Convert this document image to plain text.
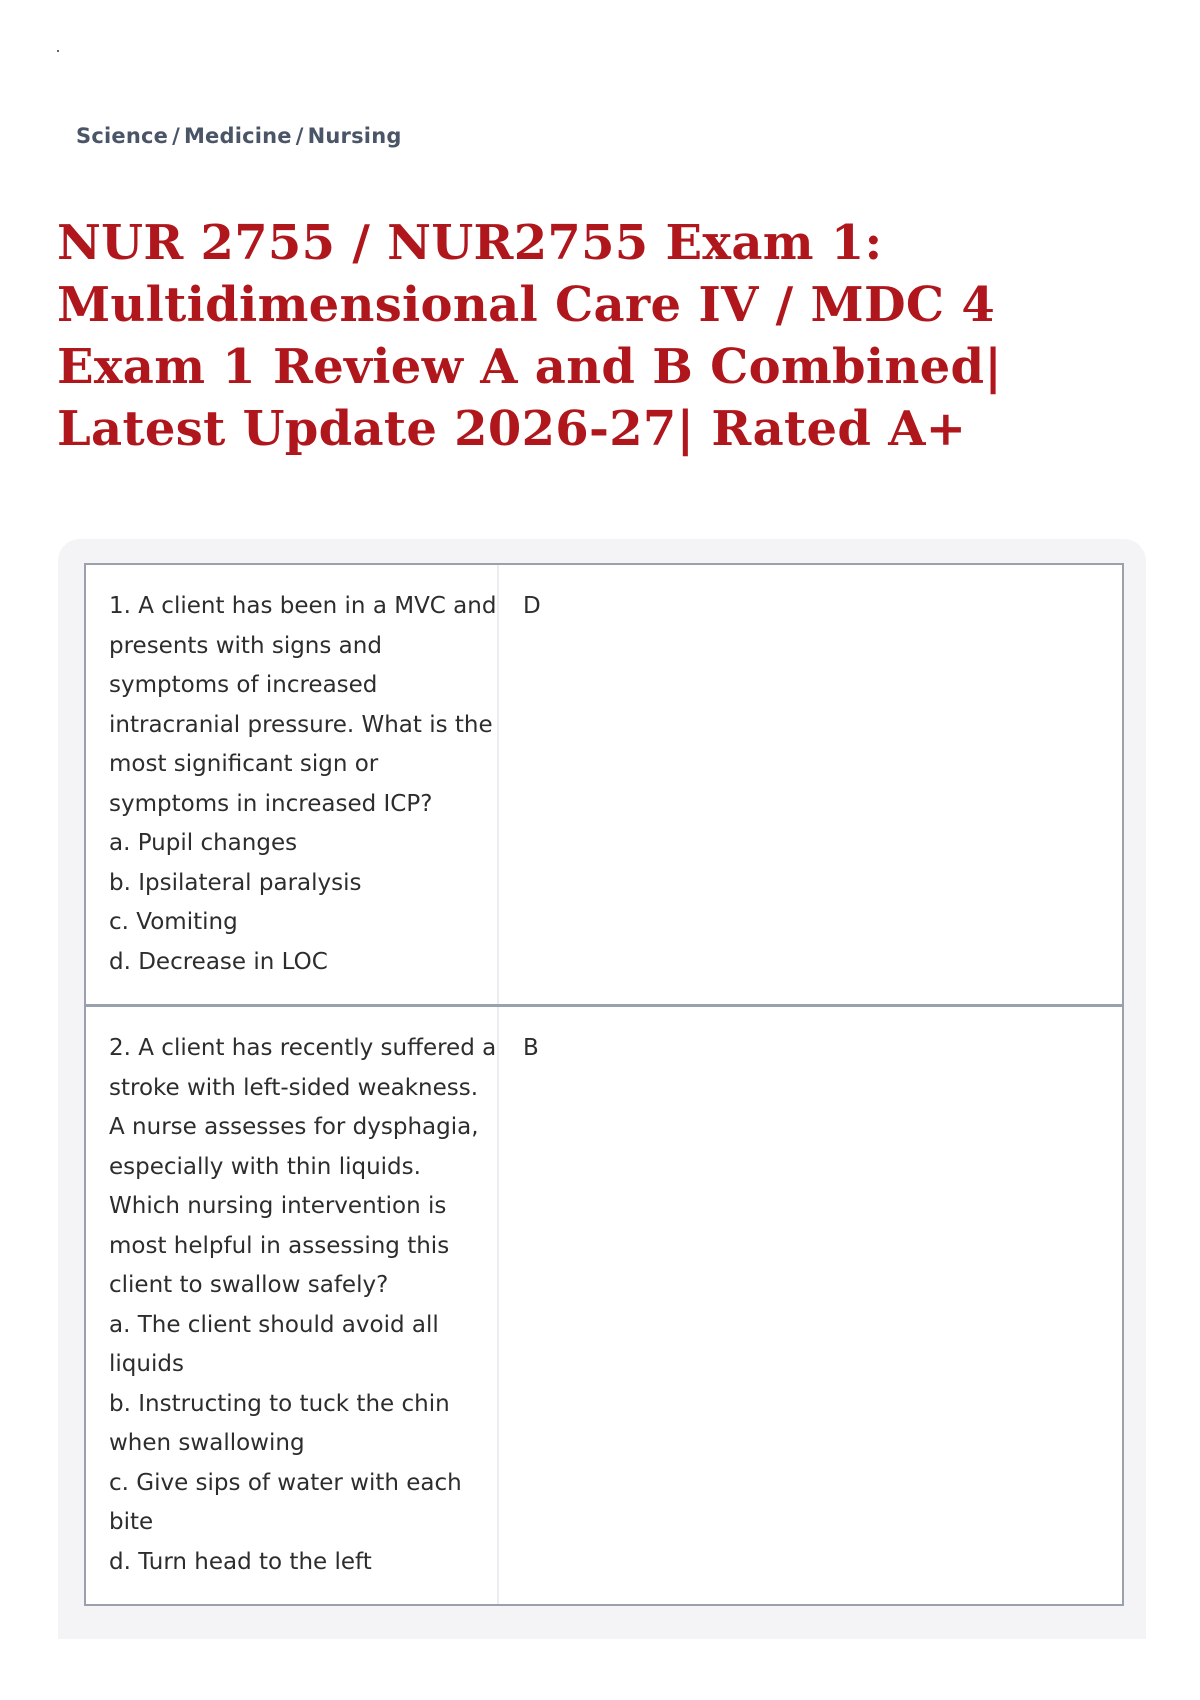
Science / Medicine / Nursing
NUR 2755 / NUR2755 Exam 1: Multidimensional Care IV / MDC 4 Exam 1 Review A and B Combined| Latest Update 2026-27| Rated A+

1. A client has been in a MVC and presents with signs and symptoms of increased intracranial pressure. What is the most significant sign or symptoms in increased ICP?

a. Pupil changes

b. Ipsilateral paralysis

c. Vomiting

d. Decrease in LOC

D

2. A client has recently suffered a stroke with left-sided weakness. A nurse assesses for dysphagia, especially with thin liquids. Which nursing intervention is most helpful in assessing this client to swallow safely?

a. The client should avoid all liquids

b. Instructing to tuck the chin when swallowing

c. Give sips of water with each bite

d. Turn head to the left

B
